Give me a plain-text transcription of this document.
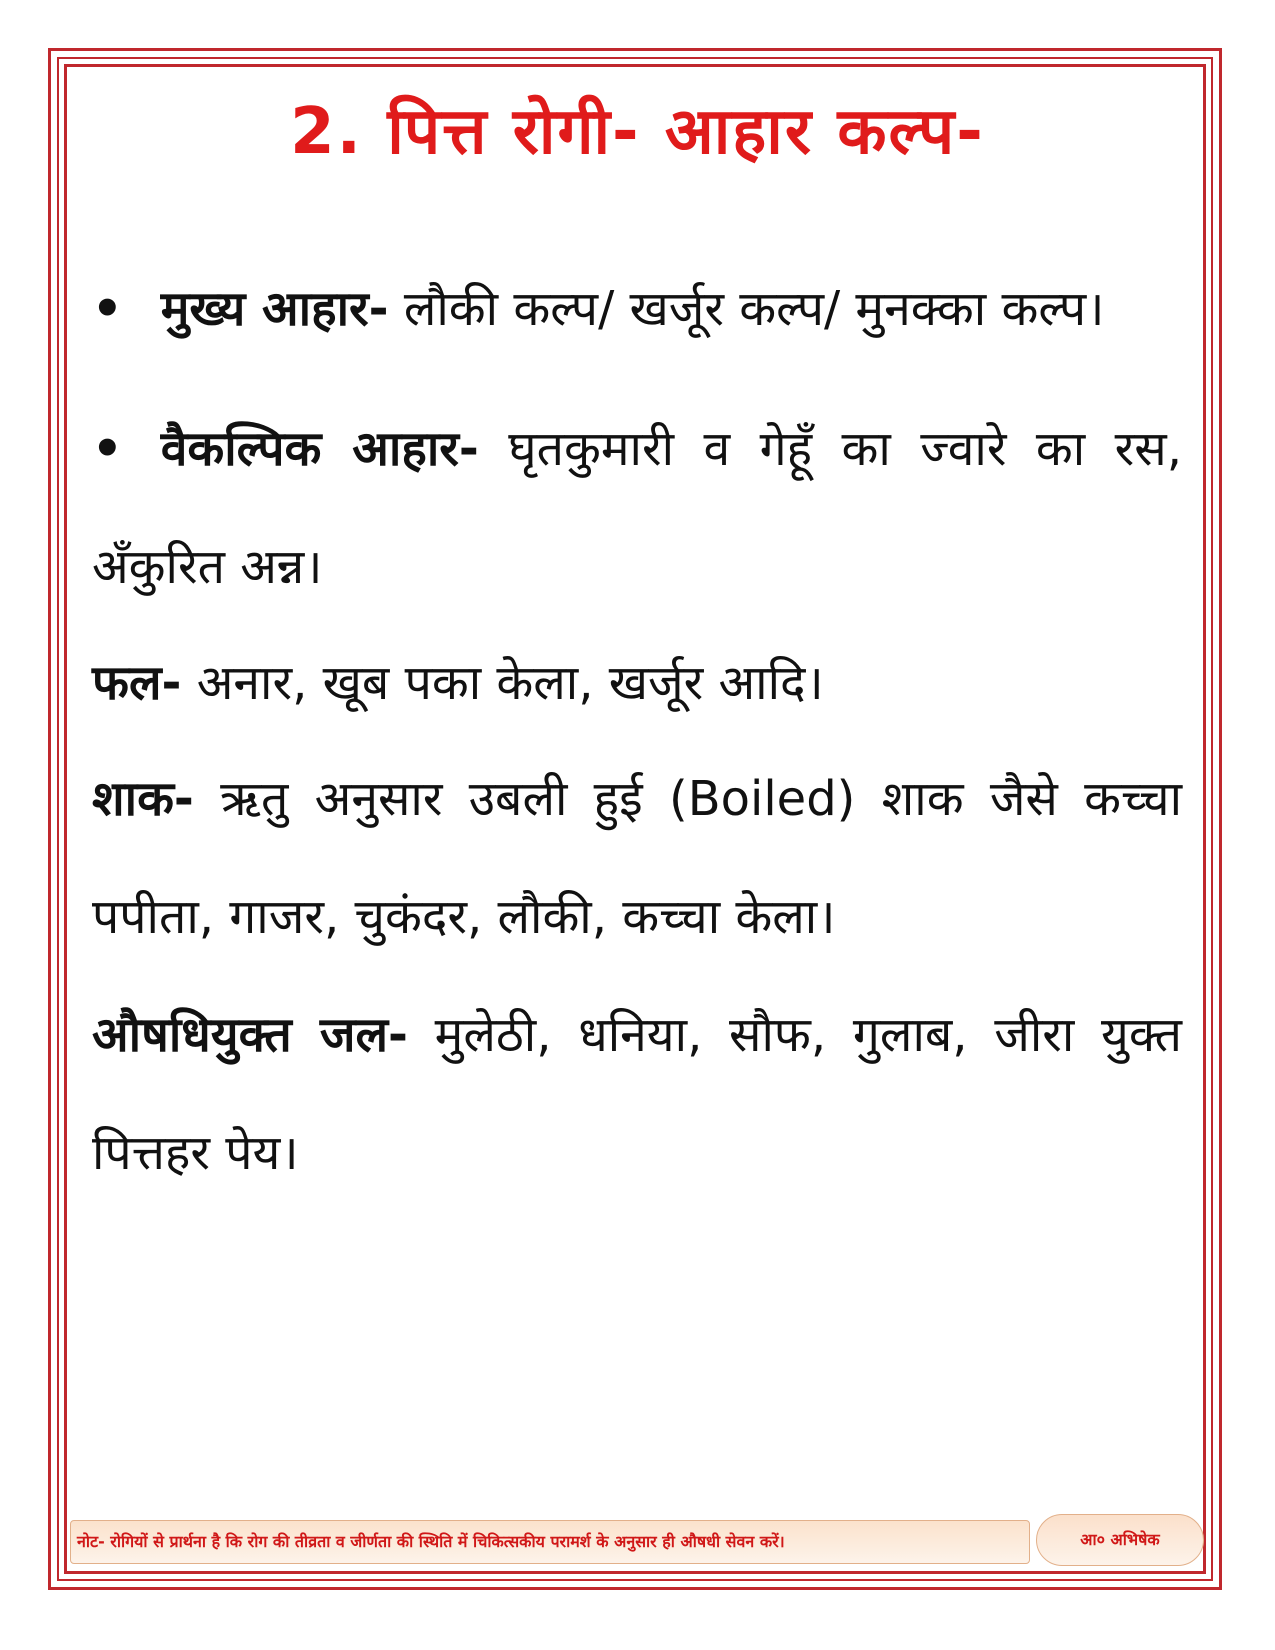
2. पित्त रोगी- आहार कल्प-

• मुख्य आहार- लौकी कल्प/ खर्जूर कल्प/ मुनक्का कल्प।

• वैकल्पिक आहार- घृतकुमारी व गेहूँ का ज्वारे का रस, अँकुरित अन्न।

फल- अनार, खूब पका केला, खर्जूर आदि।

शाक- ऋतु अनुसार उबली हुई (Boiled) शाक जैसे कच्चा पपीता, गाजर, चुकंदर, लौकी, कच्चा केला।

औषधियुक्त जल- मुलेठी, धनिया, सौफ, गुलाब, जीरा युक्त पित्तहर पेय।

नोट- रोगियों से प्रार्थना है कि रोग की तीव्रता व जीर्णता की स्थिति में चिकित्सकीय परामर्श के अनुसार ही औषधी सेवन करें।	आ० अभिषेक
